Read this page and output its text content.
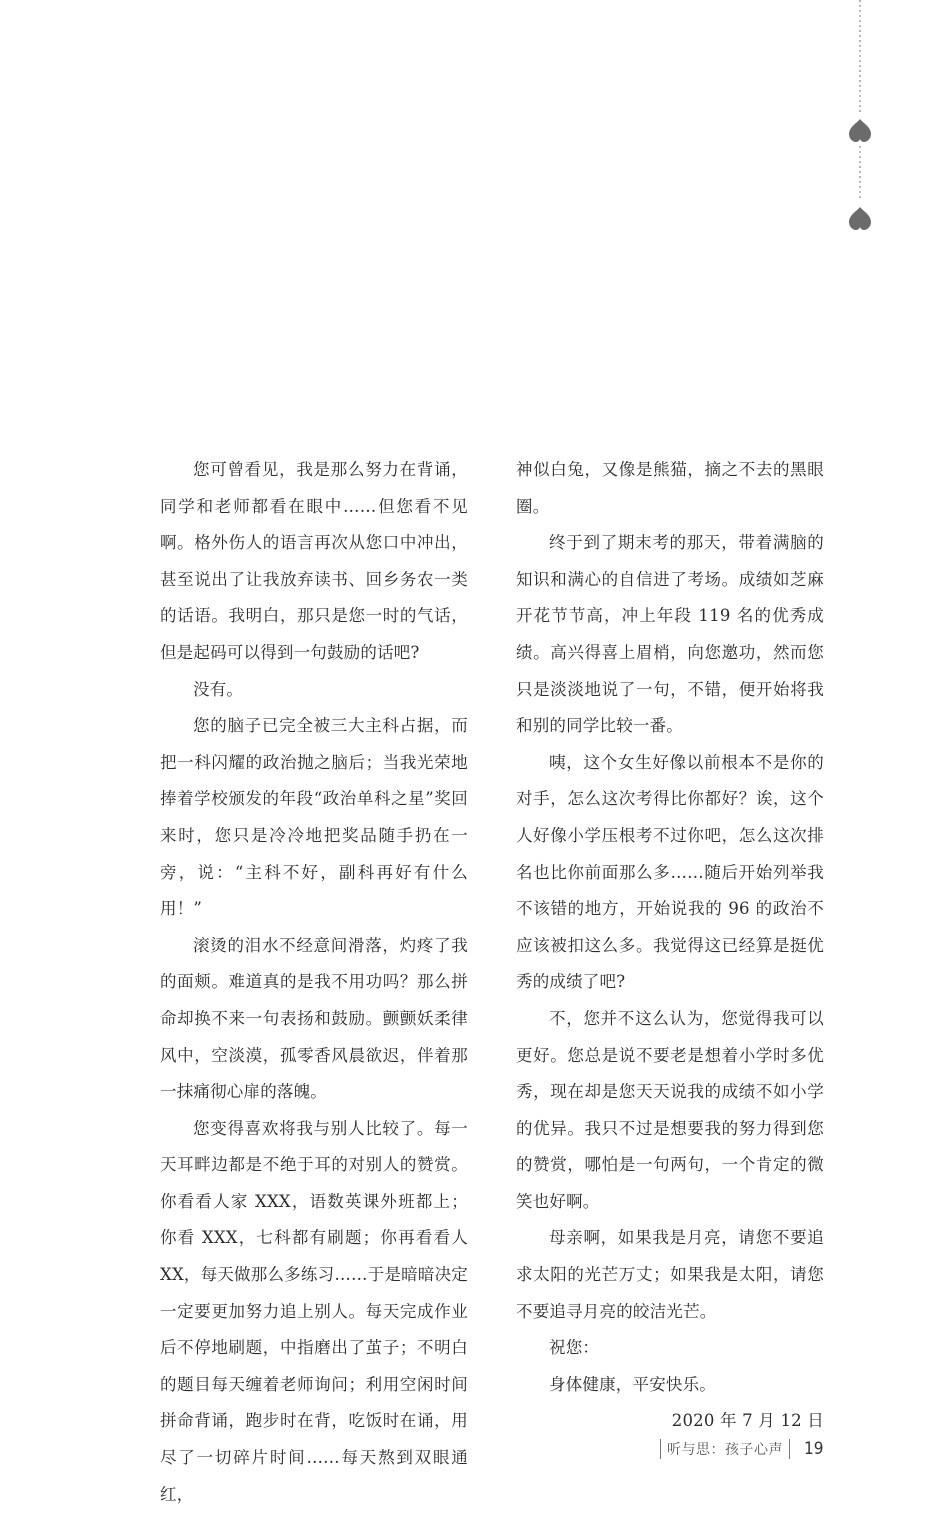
您可曾看见，我是那么努力在背诵，同学和老师都看在眼中……但您看不见啊。格外伤人的语言再次从您口中冲出，甚至说出了让我放弃读书、回乡务农一类的话语。我明白，那只是您一时的气话，但是起码可以得到一句鼓励的话吧?

没有。

您的脑子已完全被三大主科占据，而把一科闪耀的政治抛之脑后；当我光荣地捧着学校颁发的年段“政治单科之星”奖回来时，您只是冷冷地把奖品随手扔在一旁，说：“主科不好，副科再好有什么用！”

滚烫的泪水不经意间滑落，灼疼了我的面颊。难道真的是我不用功吗？那么拼命却换不来一句表扬和鼓励。颤颤妖柔律风中，空淡漠，孤零香风晨欲迟，伴着那一抹痛彻心扉的落魄。

您变得喜欢将我与别人比较了。每一天耳畔边都是不绝于耳的对别人的赞赏。你看看人家 XXX，语数英课外班都上；你看 XXX，七科都有刷题；你再看看人 XX，每天做那么多练习……于是暗暗决定一定要更加努力追上别人。每天完成作业后不停地刷题，中指磨出了茧子；不明白的题目每天缠着老师询问；利用空闲时间拼命背诵，跑步时在背，吃饭时在诵，用尽了一切碎片时间……每天熬到双眼通红，

神似白兔，又像是熊猫，摘之不去的黑眼圈。

终于到了期末考的那天，带着满脑的知识和满心的自信进了考场。成绩如芝麻开花节节高，冲上年段 119 名的优秀成绩。高兴得喜上眉梢，向您邀功，然而您只是淡淡地说了一句，不错，便开始将我和别的同学比较一番。

咦，这个女生好像以前根本不是你的对手，怎么这次考得比你都好？诶，这个人好像小学压根考不过你吧，怎么这次排名也比你前面那么多……随后开始列举我不该错的地方，开始说我的 96 的政治不应该被扣这么多。我觉得这已经算是挺优秀的成绩了吧?

不，您并不这么认为，您觉得我可以更好。您总是说不要老是想着小学时多优秀，现在却是您天天说我的成绩不如小学的优异。我只不过是想要我的努力得到您的赞赏，哪怕是一句两句，一个肯定的微笑也好啊。

母亲啊，如果我是月亮，请您不要追求太阳的光芒万丈；如果我是太阳，请您不要追寻月亮的皎洁光芒。

祝您：

身体健康，平安快乐。

2020 年 7 月 12 日

听与思：孩子心声	19
